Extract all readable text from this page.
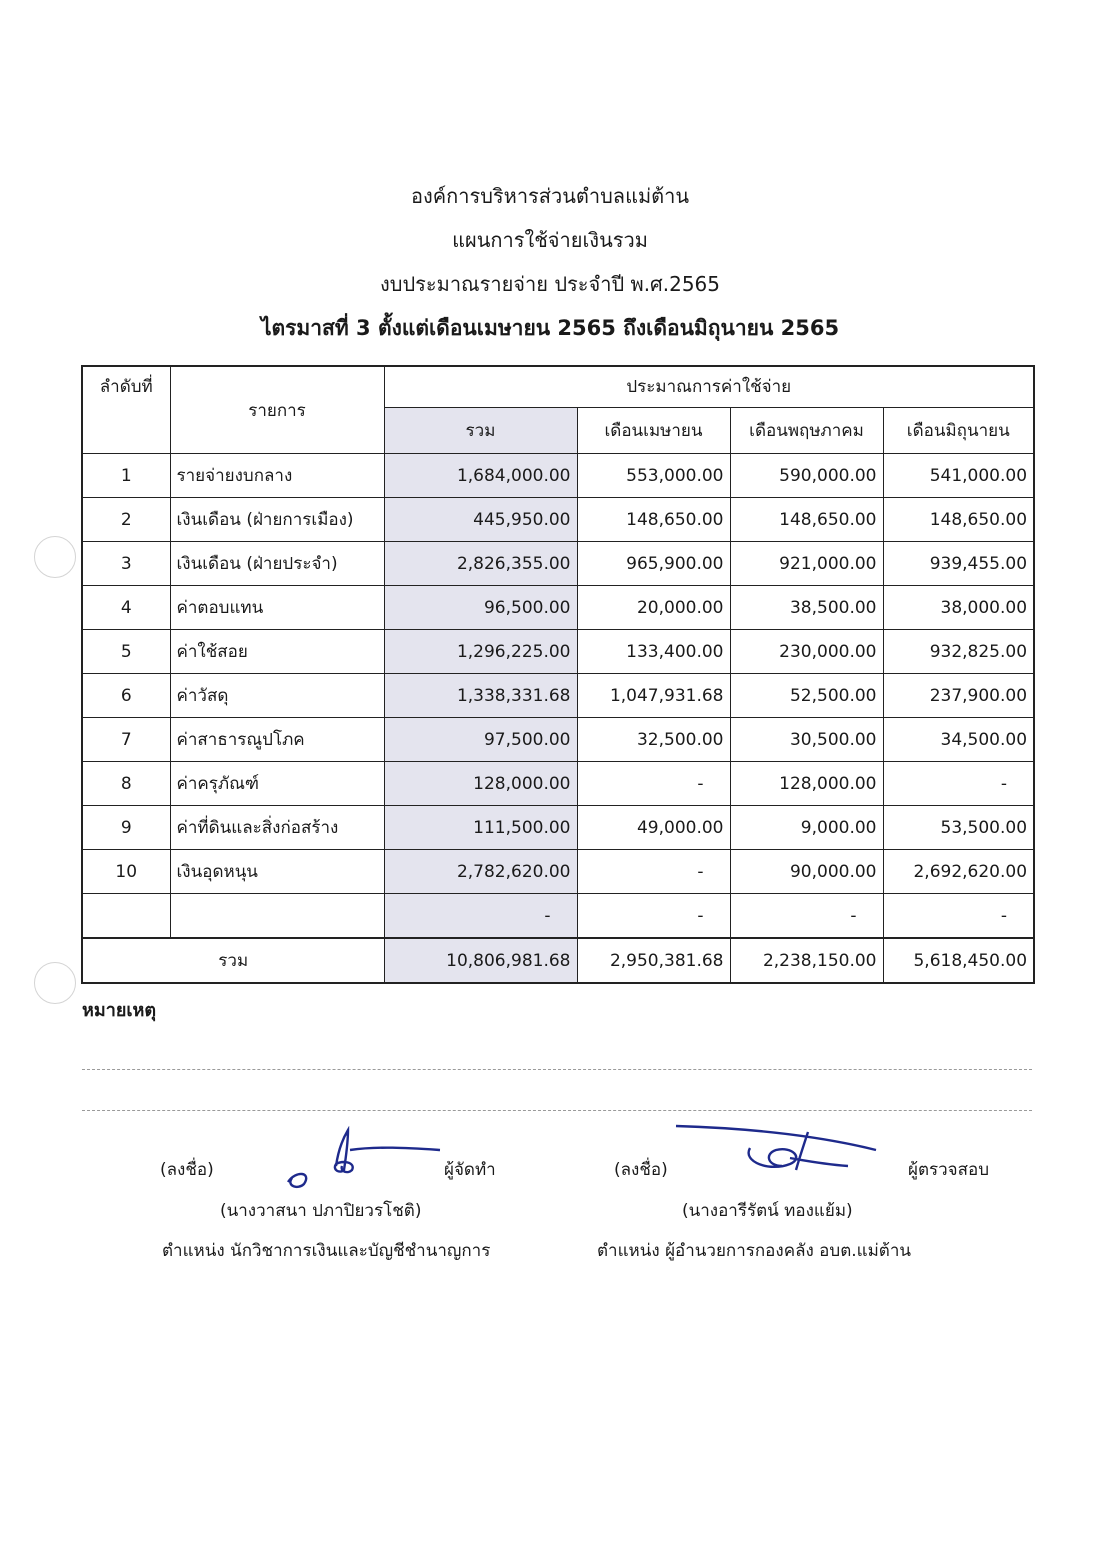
องค์การบริหารส่วนตำบลแม่ต้าน
แผนการใช้จ่ายเงินรวม
งบประมาณรายจ่าย ประจำปี พ.ศ.2565
ไตรมาสที่ 3 ตั้งแต่เดือนเมษายน 2565 ถึงเดือนมิถุนายน 2565
ลำดับที่	รายการ	ประมาณการค่าใช้จ่าย			
		รวม	เดือนเมษายน	เดือนพฤษภาคม	เดือนมิถุนายน
1	รายจ่ายงบกลาง	1,684,000.00	553,000.00	590,000.00	541,000.00
2	เงินเดือน (ฝ่ายการเมือง)	445,950.00	148,650.00	148,650.00	148,650.00
3	เงินเดือน (ฝ่ายประจำ)	2,826,355.00	965,900.00	921,000.00	939,455.00
4	ค่าตอบแทน	96,500.00	20,000.00	38,500.00	38,000.00
5	ค่าใช้สอย	1,296,225.00	133,400.00	230,000.00	932,825.00
6	ค่าวัสดุ	1,338,331.68	1,047,931.68	52,500.00	237,900.00
7	ค่าสาธารณูปโภค	97,500.00	32,500.00	30,500.00	34,500.00
8	ค่าครุภัณฑ์	128,000.00	-	128,000.00	-
9	ค่าที่ดินและสิ่งก่อสร้าง	111,500.00	49,000.00	9,000.00	53,500.00
10	เงินอุดหนุน	2,782,620.00	-	90,000.00	2,692,620.00
		-	-	-	-
รวม		10,806,981.68	2,950,381.68	2,238,150.00	5,618,450.00
หมายเหตุ
(ลงชื่อ)	ผู้จัดทำ
(นางวาสนา ปภาปิยวรโชติ)
ตำแหน่ง นักวิชาการเงินและบัญชีชำนาญการ
(ลงชื่อ)	ผู้ตรวจสอบ
(นางอารีรัตน์ ทองแย้ม)
ตำแหน่ง ผู้อำนวยการกองคลัง อบต.แม่ต้าน
